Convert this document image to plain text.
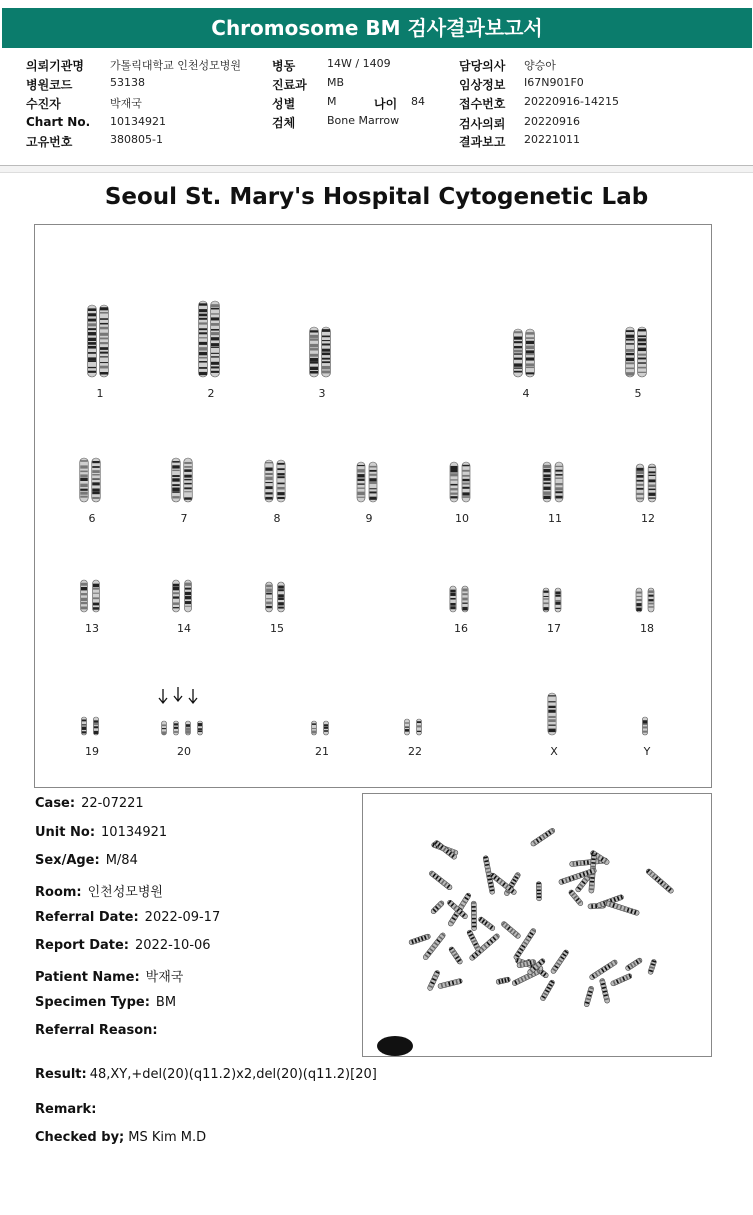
Chromosome BM 검사결과보고서
의뢰기관명 가톨릭대학교 인천성모병원
병원코드	53138
수진자	박재국
Chart No. 10134921
고유번호	380805-1
병동	14W / 1409
진료과 MB
성별	M	나이 84
검체	Bone Marrow
담당의사 양승아
임상정보 I67N901F0
접수번호 20220916-14215
검사의뢰 20220916
결과보고 20221011
Seoul St. Mary's Hospital Cytogenetic Lab
1	2	3	4	5
6	7	8	9	10	11	12
13	14	15	16	17	18
19	20	21	22	X	Y
Case: 22-07221
Unit No: 10134921
Sex/Age: M/84
Room: 인천성모병원
Referral Date: 2022-09-17
Report Date: 2022-10-06
Patient Name: 박재국
Specimen Type: BM
Referral Reason:
Result: 48,XY,+del(20)(q11.2)x2,del(20)(q11.2)[20]
Remark:
Checked by; MS Kim M.D
